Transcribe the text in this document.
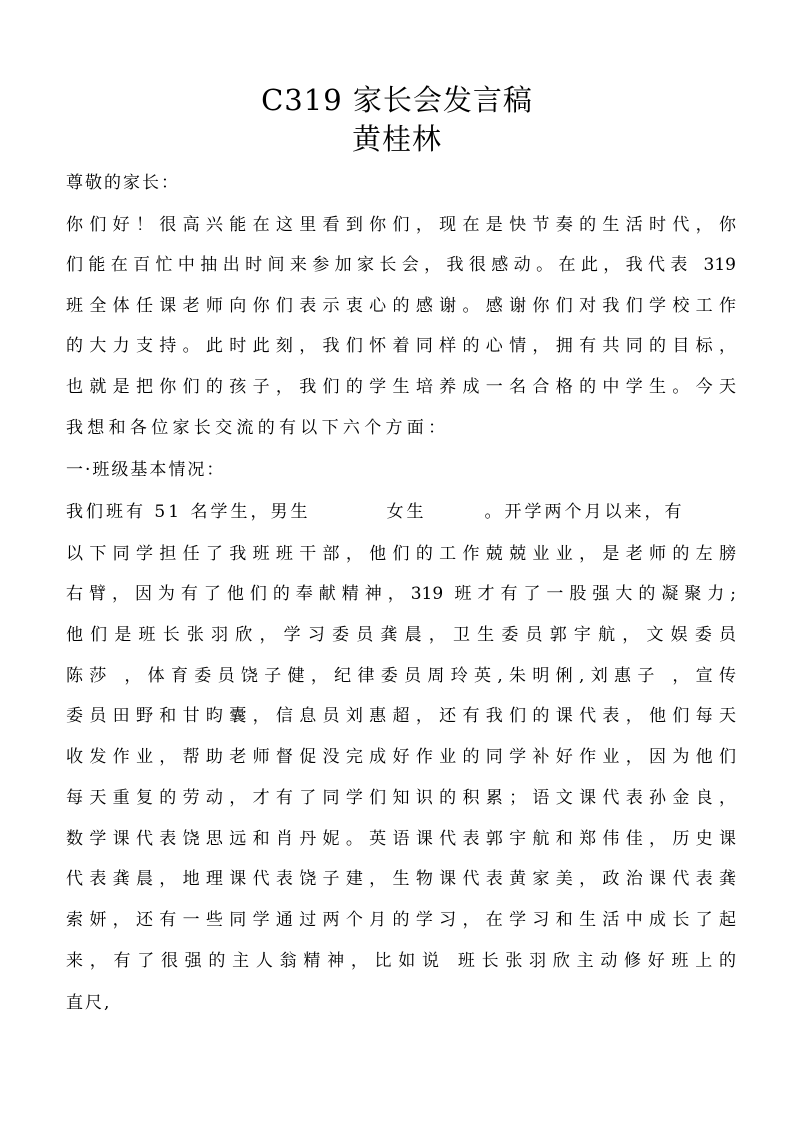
C319 家长会发言稿
黄桂林
尊敬的家长：
你们好！很高兴能在这里看到你们，现在是快节奏的生活时代，你
们能在百忙中抽出时间来参加家长会，我很感动。在此，我代表 319
班全体任课老师向你们表示衷心的感谢。感谢你们对我们学校工作
的大力支持。此时此刻，我们怀着同样的心情，拥有共同的目标，
也就是把你们的孩子，我们的学生培养成一名合格的中学生。今天
我想和各位家长交流的有以下六个方面：
一·班级基本情况：
我们班有 51 名学生，男生	女生	。开学两个月以来，有
以下同学担任了我班班干部，他们的工作兢兢业业，是老师的左膀
右臂，因为有了他们的奉献精神，319 班才有了一股强大的凝聚力;
他们是班长张羽欣，学习委员龚晨，卫生委员郭宇航，文娱委员
陈莎 ，体育委员饶子健，纪律委员周玲英,朱明俐,刘惠子 ，宣传
委员田野和甘昀囊，信息员刘惠超，还有我们的课代表，他们每天
收发作业，帮助老师督促没完成好作业的同学补好作业，因为他们
每天重复的劳动，才有了同学们知识的积累；语文课代表孙金良，
数学课代表饶思远和肖丹妮。英语课代表郭宇航和郑伟佳，历史课
代表龚晨，地理课代表饶子建，生物课代表黄家美，政治课代表龚
索妍，还有一些同学通过两个月的学习，在学习和生活中成长了起
来，有了很强的主人翁精神，比如说 班长张羽欣主动修好班上的
直尺,
